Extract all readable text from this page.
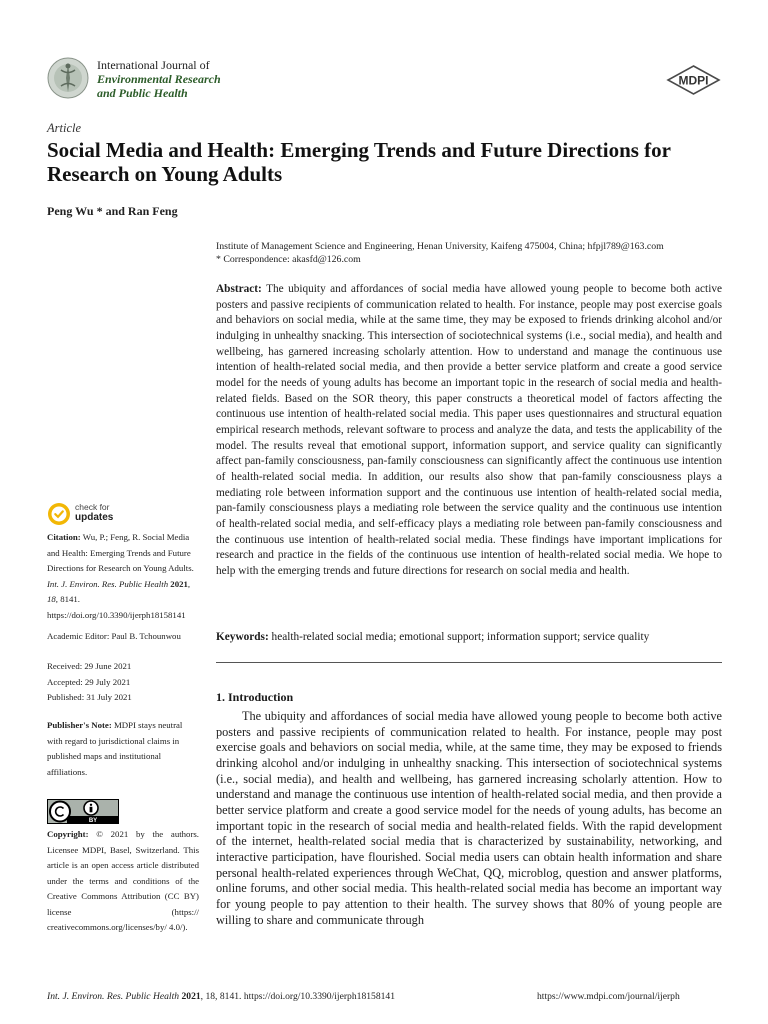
International Journal of
Environmental Research
and Public Health
MDPI
Article
Social Media and Health: Emerging Trends and Future Directions for Research on Young Adults
Peng Wu * and Ran Feng
Institute of Management Science and Engineering, Henan University, Kaifeng 475004, China; hfpjl789@163.com
* Correspondence: akasfd@126.com
Abstract: The ubiquity and affordances of social media have allowed young people to become both active posters and passive recipients of communication related to health. For instance, people may post exercise goals and behaviors on social media, while at the same time, they may be exposed to friends drinking alcohol and/or indulging in unhealthy snacking. This intersection of sociotechnical systems (i.e., social media), and health and wellbeing, has garnered increasing scholarly attention. How to understand and manage the continuous use intention of health-related social media, and then provide a better service platform and create a good service model for the needs of young adults has become an important topic in the research of social media and health-related fields. Based on the SOR theory, this paper constructs a theoretical model of factors affecting the continuous use intention of health-related social media. This paper uses questionnaires and structural equation empirical research methods, relevant software to process and analyze the data, and tests the applicability of the model. The results reveal that emotional support, information support, and service quality can significantly affect pan-family consciousness, pan-family consciousness can significantly affect the continuous use intention of health-related social media. In addition, our results also show that pan-family consciousness plays a mediating role between information support and the continuous use intention of health-related social media, pan-family consciousness plays a mediating role between the service quality and the continuous use intention of health-related social media, and self-efficacy plays a mediating role between pan-family consciousness and the continuous use intention of health-related social media. These findings have important implications for research and practice in the fields of the continuous use intention of health-related social media. We hope to help with the emerging trends and future directions for research on social media and health.
Keywords: health-related social media; emotional support; information support; service quality
1. Introduction
The ubiquity and affordances of social media have allowed young people to become both active posters and passive recipients of communication related to health. For instance, people may post exercise goals and behaviors on social media, while, at the same time, they may be exposed to friends drinking alcohol and/or indulging in unhealthy snacking. This intersection of sociotechnical systems (i.e., social media), and health and wellbeing, has garnered increasing scholarly attention. How to understand and manage the continuous use intention of health-related social media, and then provide a better service platform and create a good service model for the needs of young adults, has become an important topic in the research of social media and health-related fields. With the rapid development of the internet, health-related social media that is characterized by sustainability, networking, and interactive participation, have flourished. Social media users can obtain health information and share personal health-related experiences through WeChat, QQ, microblog, question and answer platforms, online forums, and other social media. This health-related social media has become an important way for young people to pay attention to their health. The survey shows that 80% of young people are willing to share and communicate through
check for
updates
Citation: Wu, P.; Feng, R. Social Media and Health: Emerging Trends and Future Directions for Research on Young Adults. Int. J. Environ. Res. Public Health 2021, 18, 8141. https://doi.org/10.3390/ijerph18158141
Academic Editor: Paul B. Tchounwou
Received: 29 June 2021
Accepted: 29 July 2021
Published: 31 July 2021
Publisher's Note: MDPI stays neutral with regard to jurisdictional claims in published maps and institutional affiliations.
BY
Copyright: © 2021 by the authors. Licensee MDPI, Basel, Switzerland. This article is an open access article distributed under the terms and conditions of the Creative Commons Attribution (CC BY) license (https:// creativecommons.org/licenses/by/ 4.0/).
Int. J. Environ. Res. Public Health 2021, 18, 8141. https://doi.org/10.3390/ijerph18158141	https://www.mdpi.com/journal/ijerph
